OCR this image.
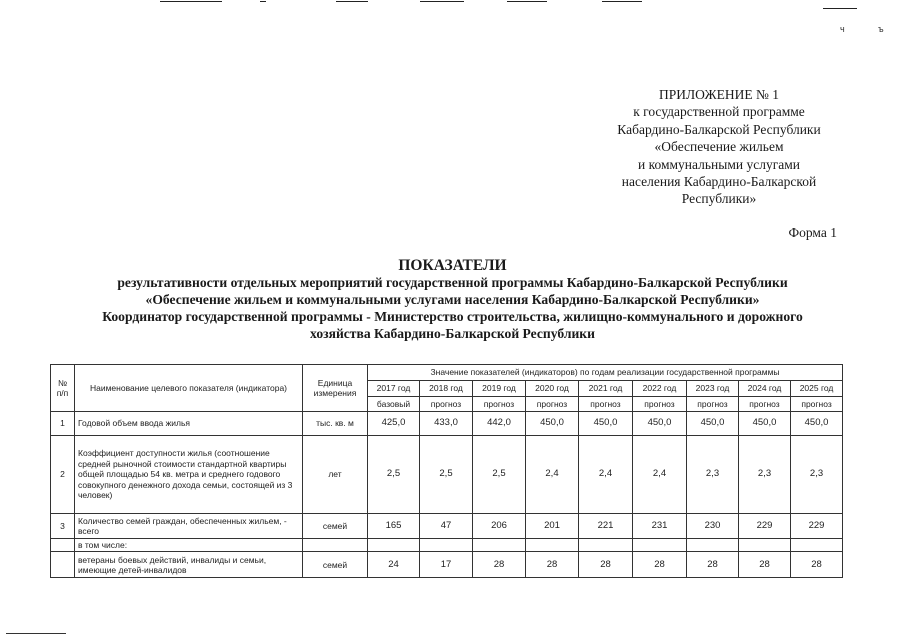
ч	ъ
ПРИЛОЖЕНИЕ № 1
к государственной программе
Кабардино-Балкарской Республики
«Обеспечение жильем
и коммунальными услугами
населения Кабардино-Балкарской
Республики»
Форма 1
ПОКАЗАТЕЛИ
результативности отдельных мероприятий государственной программы Кабардино-Балкарской Республики
«Обеспечение жильем и коммунальными услугами населения Кабардино-Балкарской Республики»
Координатор государственной программы - Министерство строительства, жилищно-коммунального и дорожного
хозяйства Кабардино-Балкарской Республики
№ п/п	Наименование целевого показателя (индикатора)	Единица измерения	Значение показателей (индикаторов) по годам реализации государственной программы								
			2017 год	2018 год	2019 год	2020 год	2021 год	2022 год	2023 год	2024 год	2025 год
			базовый	прогноз	прогноз	прогноз	прогноз	прогноз	прогноз	прогноз	прогноз
1	Годовой объем ввода жилья	тыс. кв. м	425,0	433,0	442,0	450,0	450,0	450,0	450,0	450,0	450,0
2	Коэффициент доступности жилья (соотношение средней рыночной стоимости стандартной квартиры общей площадью 54 кв. метра и среднего годового совокупного денежного дохода семьи, состоящей из 3 человек)	лет	2,5	2,5	2,5	2,4	2,4	2,4	2,3	2,3	2,3
3	Количество семей граждан, обеспеченных жильем, - всего	семей	165	47	206	201	221	231	230	229	229
	в том числе:										
	ветераны боевых действий, инвалиды и семьи, имеющие детей-инвалидов	семей	24	17	28	28	28	28	28	28	28
